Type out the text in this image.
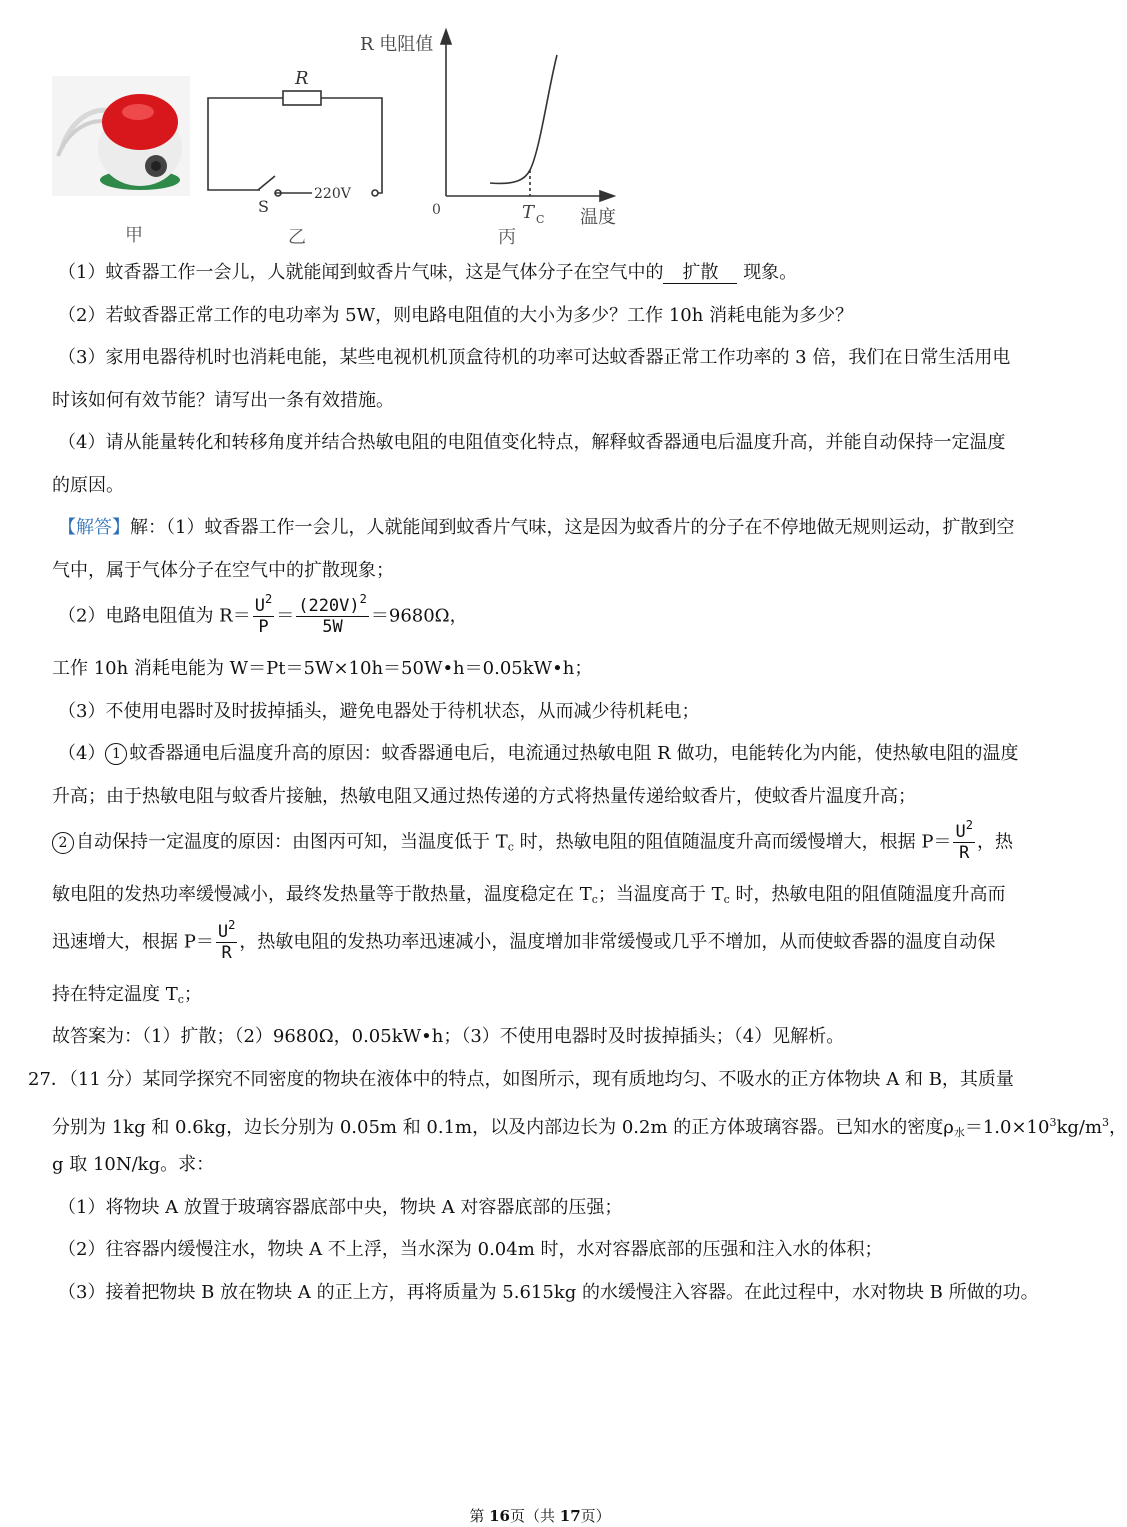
甲
R
S
220V
乙
R 电阻值
0	T C 温度
丙
（1）蚊香器工作一会儿，人就能闻到蚊香片气味，这是气体分子在空气中的 扩散 现象。
（2）若蚊香器正常工作的电功率为 5W，则电路电阻值的大小为多少？工作 10h 消耗电能为多少？
（3）家用电器待机时也消耗电能，某些电视机机顶盒待机的功率可达蚊香器正常工作功率的 3 倍，我们在日常生活用电
时该如何有效节能？请写出一条有效措施。
（4）请从能量转化和转移角度并结合热敏电阻的电阻值变化特点，解释蚊香器通电后温度升高，并能自动保持一定温度
的原因。
【解答】解：（1）蚊香器工作一会儿，人就能闻到蚊香片气味，这是因为蚊香片的分子在不停地做无规则运动，扩散到空
气中，属于气体分子在空气中的扩散现象；
（2）电路电阻值为 $R= \frac{U^2}{P} = \frac{(220V)^2}{5W} =9680\Omega$，
工作 10h 消耗电能为 W＝Pt＝5W×10h＝50W•h＝0.05kW•h；
（3）不使用电器时及时拔掉插头，避免电器处于待机状态，从而减少待机耗电；
（4） 1 蚊香器通电后温度升高的原因：蚊香器通电后，电流通过热敏电阻 R 做功，电能转化为内能，使热敏电阻的温度
升高；由于热敏电阻与蚊香片接触，热敏电阻又通过热传递的方式将热量传递给蚊香片，使蚊香片温度升高；
2 自动保持一定温度的原因：由图丙可知，当温度低于 $T_c$ 时，热敏电阻的阻值随温度升高而缓慢增大，根据 $P= \frac{U^2}{R}$ ，热
敏电阻的发热功率缓慢减小，最终发热量等于散热量，温度稳定在 $T_c$；当温度高于 $T_c$ 时，热敏电阻的阻值随温度升高而
迅速增大，根据 $P= \frac{U^2}{R}$ ，热敏电阻的发热功率迅速减小，温度增加非常缓慢或几乎不增加，从而使蚊香器的温度自动保
持在特定温度 $T_c$；
故答案为：（1）扩散；（2）9680Ω，0.05kW•h；（3）不使用电器时及时拔掉插头；（4）见解析。
27．（11 分）某同学探究不同密度的物块在液体中的特点，如图所示，现有质地均匀、不吸水的正方体物块 A 和 B，其质量
分别为 1kg 和 0.6kg，边长分别为 0.05m 和 0.1m，以及内部边长为 0.2m 的正方体玻璃容器。已知水的密度$\rho_水=1.0\times 10^3kg/m^3$，
g 取 10N/kg。求：
（1）将物块 A 放置于玻璃容器底部中央，物块 A 对容器底部的压强；
（2）往容器内缓慢注水，物块 A 不上浮，当水深为 0.04m 时，水对容器底部的压强和注入水的体积；
（3）接着把物块 B 放在物块 A 的正上方，再将质量为 5.615kg 的水缓慢注入容器。在此过程中，水对物块 B 所做的功。
第 16页（共 17页）
